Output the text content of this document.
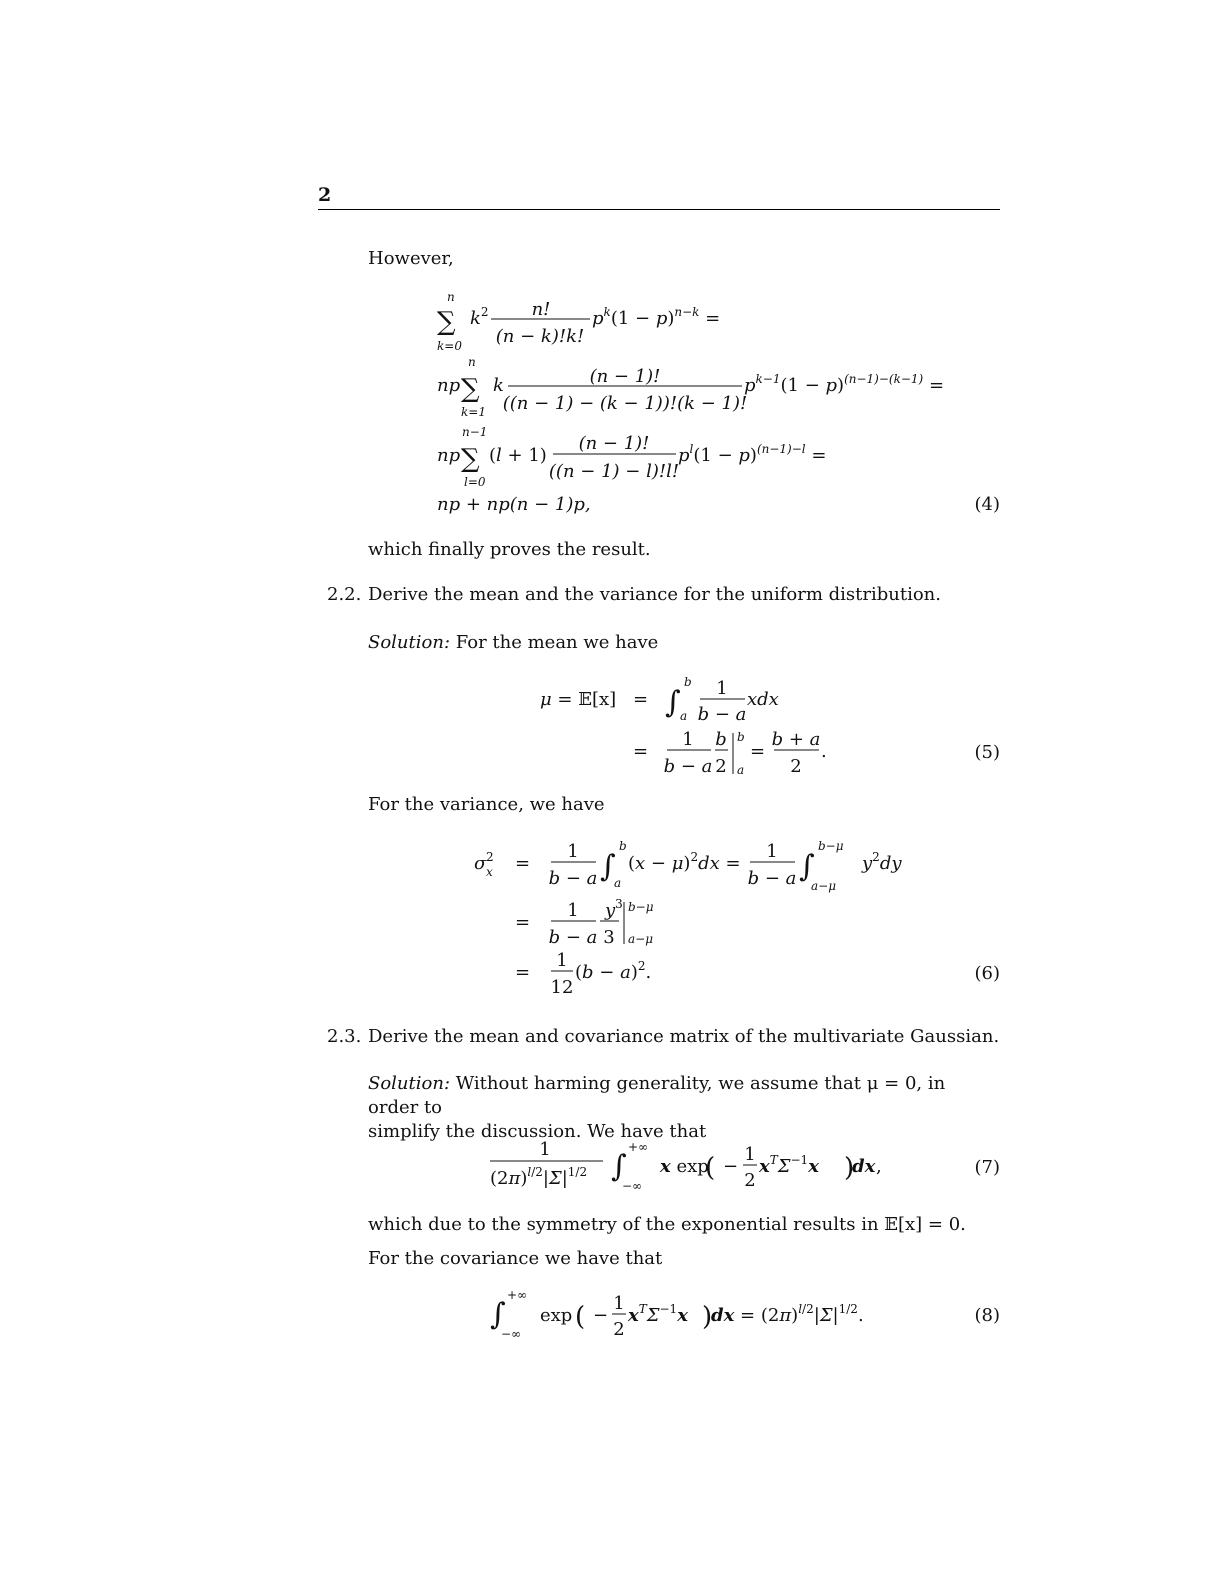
2
However,
n
∑
k=0
$k^2$ n!
(n − k)!k!
$p^k(1 - p)^{n-k}$ =
np
n
∑
k=1
k	(n − 1)!
((n − 1) − (k − 1))!(k − 1)!
$p^{k-1}(1 - p)^{(n-1)-(k-1)}$ =
np
n−1
∑
l=0
(l + 1)
(n − 1)!
((n − 1) − l)!l!
$p^l(1 - p)^{(n-1)-l}$ =
np + np(n − 1)p,	(4)
which finally proves the result.
2.2. Derive the mean and the variance for the uniform distribution.
Solution: For the mean we have
μ = 𝔼[x] = ∫
b
a
1
b − a
xdx
=
1
b − a
b
2
b
a
=
b + a
2
.	(5)
For the variance, we have
σ 2
x =
1
b − a ∫
b
a
$(x - \mu)^2dx$ =
1
b − a ∫
b−μ
a−μ
$y^2dy$
=
1
b − a
$y^3$
3
b−μ
a−μ
=
1
12
$(b - a)^2$.	(6)
2.3. Derive the mean and covariance matrix of the multivariate Gaussian.
Solution: Without harming generality, we assume that μ = 0, in order to
simplify the discussion. We have that
1
$(2\pi)^l/2|\Sigma|^{1/2}$ ∫
+∞
−∞
x exp
( −
1
2
$x^T\Sigma^{-1}x$ )
dx ,	(7)
which due to the symmetry of the exponential results in 𝔼[x] = 0.
For the covariance we have that
∫
+∞
−∞
exp ( −
1
2
$x^T\Sigma^{-1}x$ )
dx = $(2\pi)^l/2|\Sigma|^{1/2}$.	(8)
